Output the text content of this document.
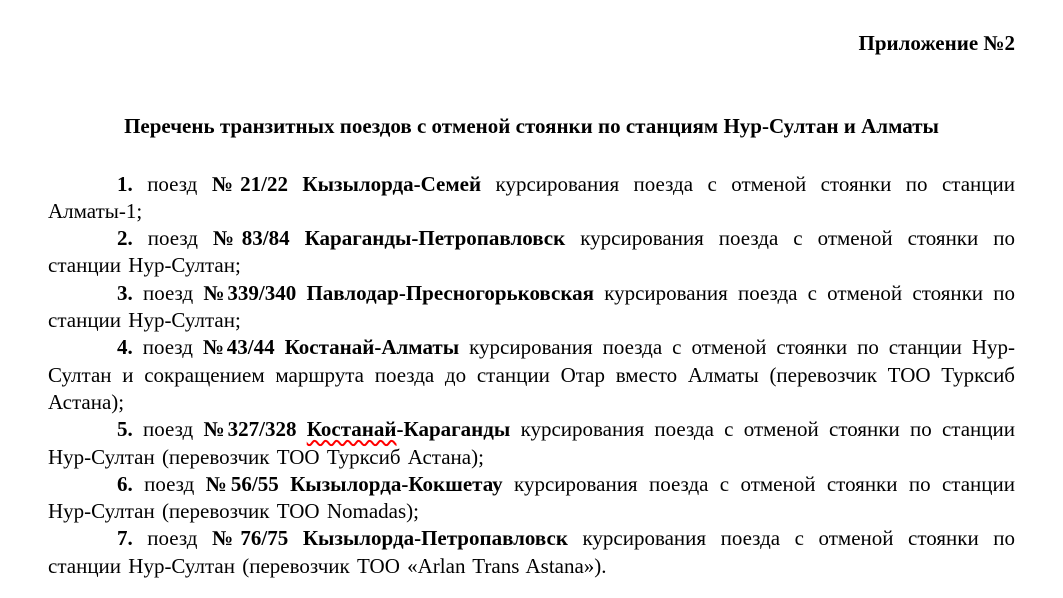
Приложение №2
Перечень транзитных поездов с отменой стоянки по станциям Нур-Султан и Алматы

1. поезд №21/22 Кызылорда-Семей курсирования поезда с отменой стоянки по станции Алматы-1;

2. поезд №83/84 Караганды-Петропавловск курсирования поезда с отменой стоянки по станции Нур-Султан;

3. поезд №339/340 Павлодар-Пресногорьковская курсирования поезда с отменой стоянки по станции Нур-Султан;

4. поезд №43/44 Костанай-Алматы курсирования поезда с отменой стоянки по станции Нур-Султан и сокращением маршрута поезда до станции Отар вместо Алматы (перевозчик ТОО Турксиб Астана);

5. поезд №327/328 Костанай-Караганды курсирования поезда с отменой стоянки по станции Нур-Султан (перевозчик ТОО Турксиб Астана);

6. поезд №56/55 Кызылорда-Кокшетау курсирования поезда с отменой стоянки по станции Нур-Султан (перевозчик ТОО Nomadas);

7. поезд №76/75 Кызылорда-Петропавловск курсирования поезда с отменой стоянки по станции Нур-Султан (перевозчик ТОО «Arlan Trans Astana»).
